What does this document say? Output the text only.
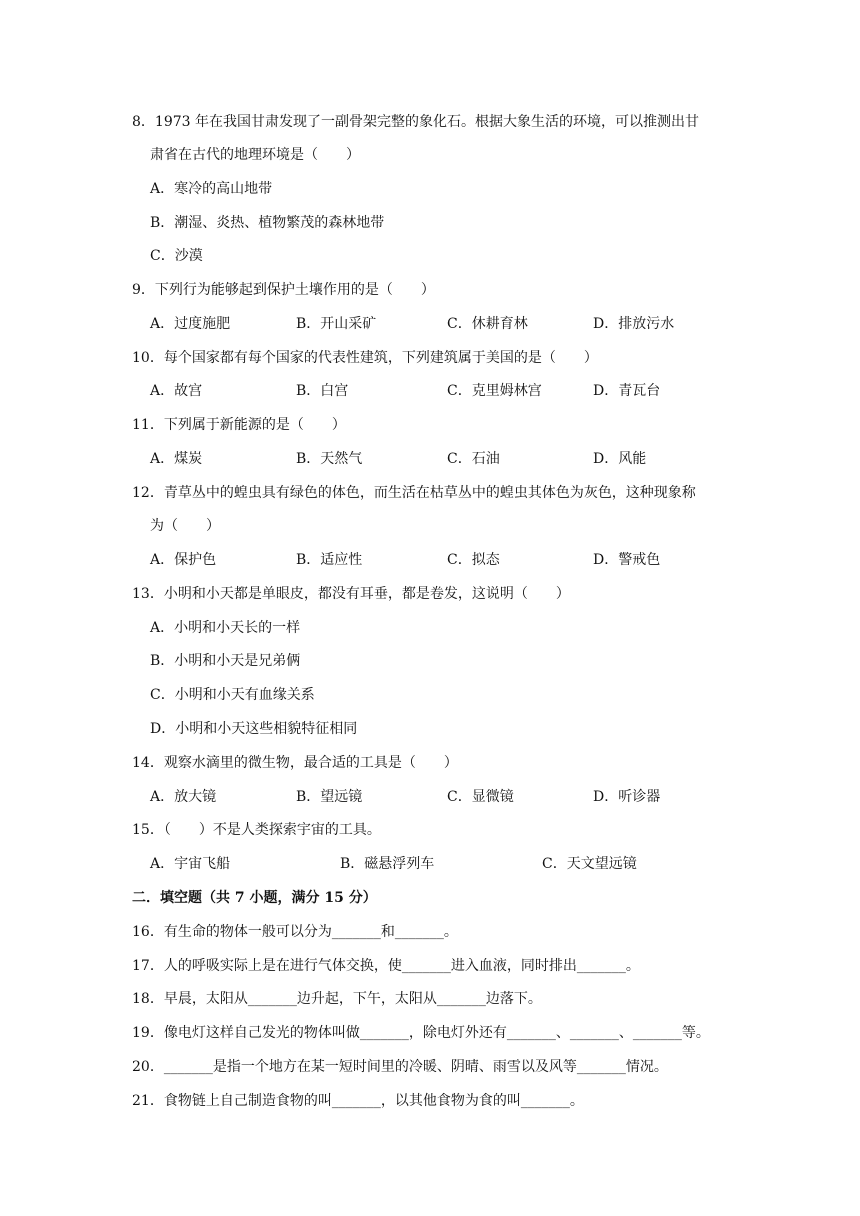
8．1973 年在我国甘肃发现了一副骨架完整的象化石。根据大象生活的环境，可以推测出甘
肃省在古代的地理环境是（　　）
A．寒冷的高山地带
B．潮湿、炎热、植物繁茂的森林地带
C．沙漠
9．下列行为能够起到保护土壤作用的是（　　）
A．过度施肥	B．开山采矿	C．休耕育林	D．排放污水
10．每个国家都有每个国家的代表性建筑，下列建筑属于美国的是（　　）
A．故宫	B．白宫	C．克里姆林宫	D．青瓦台
11．下列属于新能源的是（　　）
A．煤炭	B．天然气	C．石油	D．风能
12．青草丛中的蝗虫具有绿色的体色，而生活在枯草丛中的蝗虫其体色为灰色，这种现象称
为（　　）
A．保护色	B．适应性	C．拟态	D．警戒色
13．小明和小天都是单眼皮，都没有耳垂，都是卷发，这说明（　　）
A．小明和小天长的一样
B．小明和小天是兄弟俩
C．小明和小天有血缘关系
D．小明和小天这些相貌特征相同
14．观察水滴里的微生物，最合适的工具是（　　）
A．放大镜	B．望远镜	C．显微镜	D．听诊器
15．（　　）不是人类探索宇宙的工具。
A．宇宙飞船	B．磁悬浮列车	C．天文望远镜
二．填空题（共 7 小题，满分 15 分）
16．有生命的物体一般可以分为_______和_______。
17．人的呼吸实际上是在进行气体交换，使_______进入血液，同时排出_______。
18．早晨，太阳从_______边升起，下午，太阳从_______边落下。
19．像电灯这样自己发光的物体叫做_______，除电灯外还有_______、_______、_______等。
20．_______是指一个地方在某一短时间里的冷暖、阴晴、雨雪以及风等_______情况。
21．食物链上自己制造食物的叫_______，以其他食物为食的叫_______。
